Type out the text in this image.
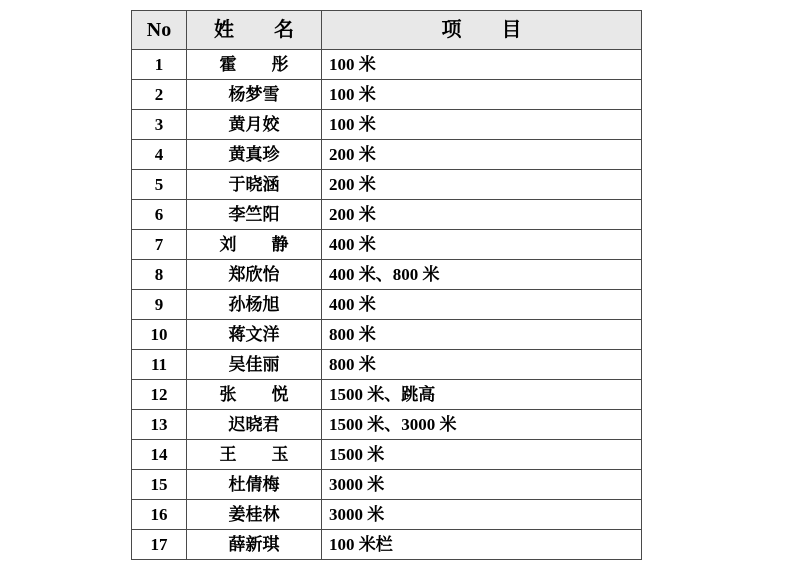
No	姓　名	项　目
1	霍　彤	100 米
2	杨梦雪	100 米
3	黄月姣	100 米
4	黄真珍	200 米
5	于晓涵	200 米
6	李竺阳	200 米
7	刘　静	400 米
8	郑欣怡	400 米、800 米
9	孙杨旭	400 米
10	蒋文洋	800 米
11	吴佳丽	800 米
12	张　悦	1500 米、跳高
13	迟晓君	1500 米、3000 米
14	王　玉	1500 米
15	杜倩梅	3000 米
16	姜桂林	3000 米
17	薛新琪	100 米栏
